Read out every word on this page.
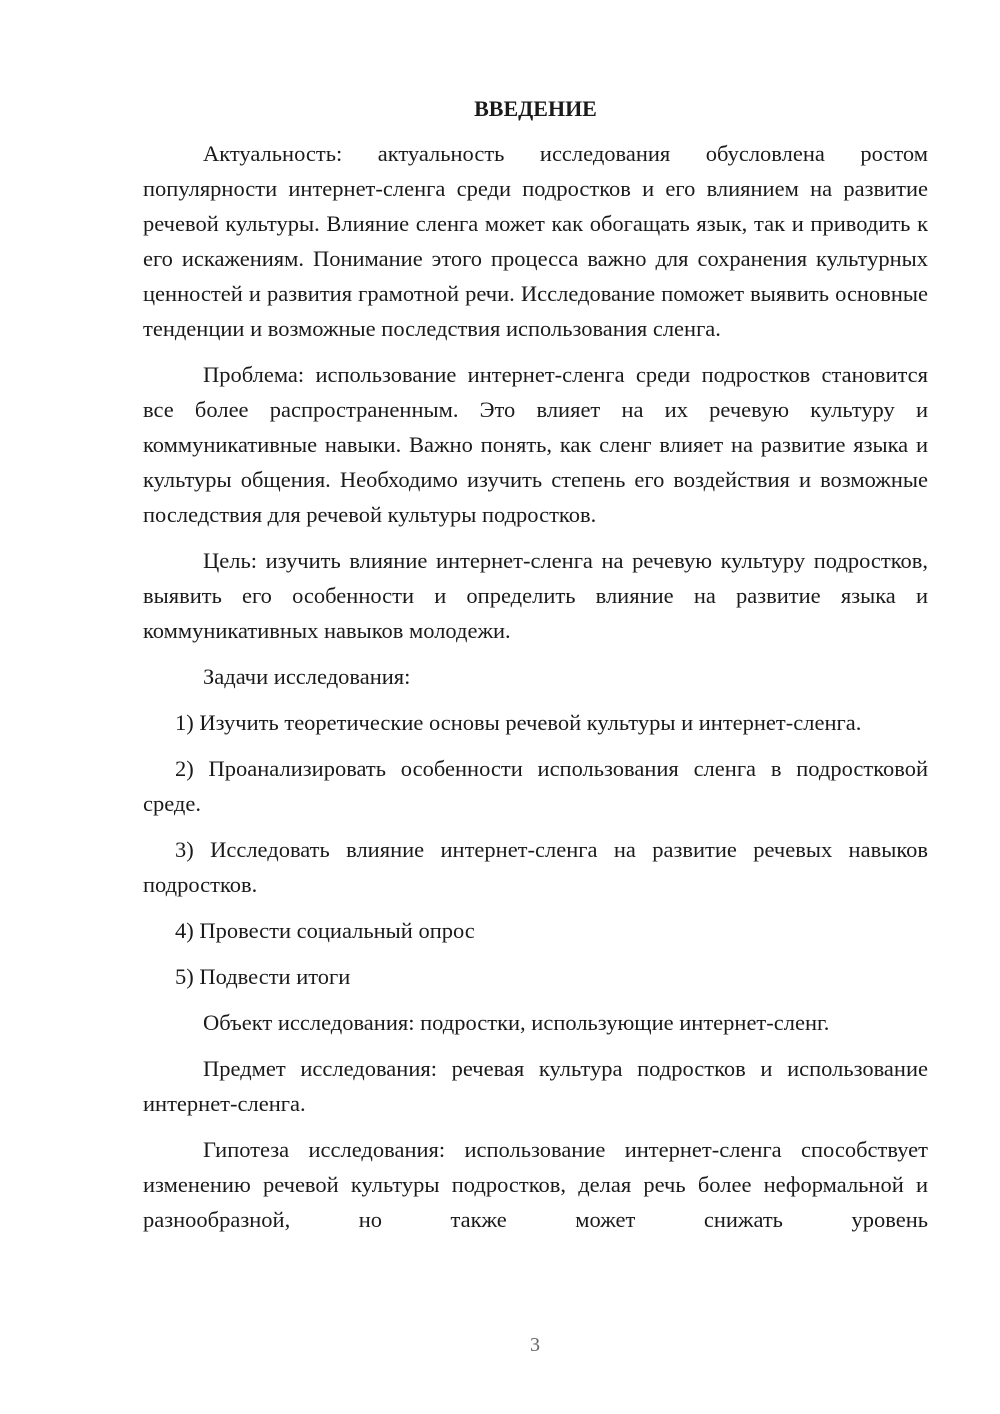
ВВЕДЕНИЕ

Актуальность: актуальность исследования обусловлена ростом популярности интернет-сленга среди подростков и его влиянием на развитие речевой культуры. Влияние сленга может как обогащать язык, так и приводить к его искажениям. Понимание этого процесса важно для сохранения культурных ценностей и развития грамотной речи. Исследование поможет выявить основные тенденции и возможные последствия использования сленга.

Проблема: использование интернет-сленга среди подростков становится все более распространенным. Это влияет на их речевую культуру и коммуникативные навыки. Важно понять, как сленг влияет на развитие языка и культуры общения. Необходимо изучить степень его воздействия и возможные последствия для речевой культуры подростков.

Цель: изучить влияние интернет-сленга на речевую культуру подростков, выявить его особенности и определить влияние на развитие языка и коммуникативных навыков молодежи.

Задачи исследования:

1) Изучить теоретические основы речевой культуры и интернет-сленга.

2) Проанализировать особенности использования сленга в подростковой среде.

3) Исследовать влияние интернет-сленга на развитие речевых навыков подростков.

4) Провести социальный опрос

5) Подвести итоги

Объект исследования: подростки, использующие интернет-сленг.

Предмет исследования: речевая культура подростков и использование интернет-сленга.

Гипотеза исследования: использование интернет-сленга способствует изменению речевой культуры подростков, делая речь более неформальной и разнообразной, но также может снижать уровень

3
